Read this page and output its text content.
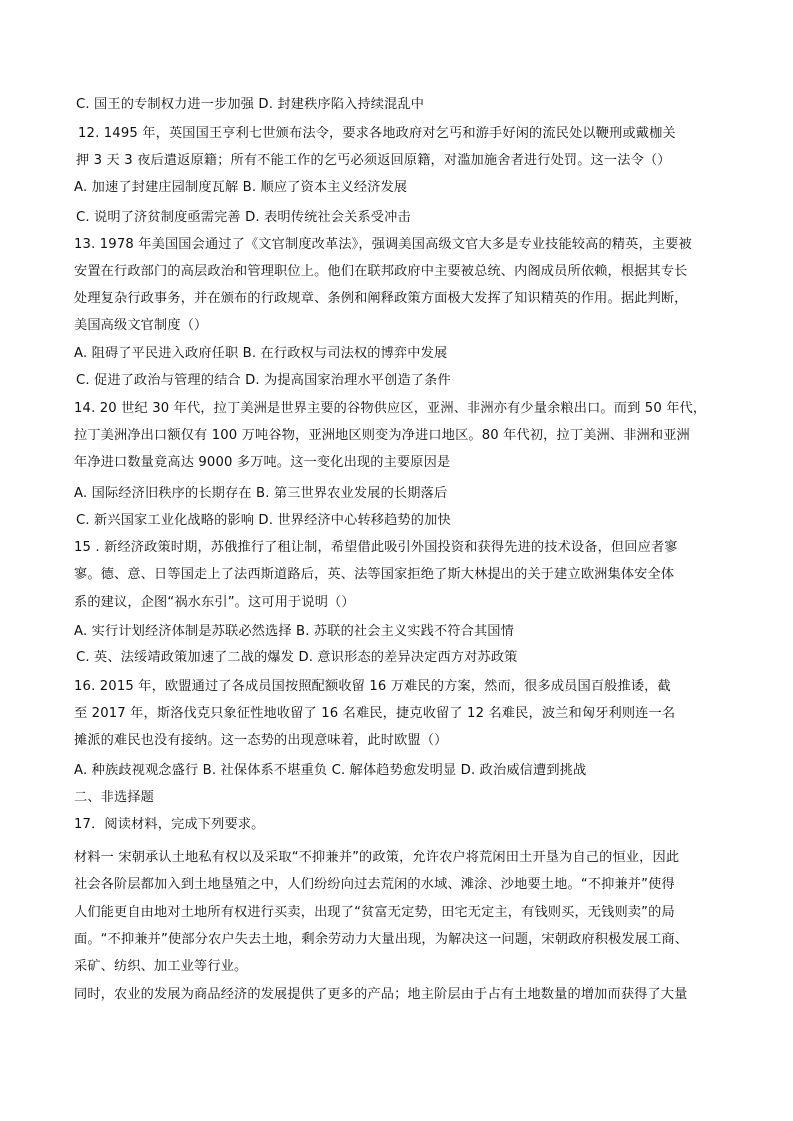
C. 国王的专制权力进一步加强 D. 封建秩序陷入持续混乱中
12. 1495 年，英国国王亨利七世颁布法令，要求各地政府对乞丐和游手好闲的流民处以鞭刑或戴枷关
押 3 天 3 夜后遣返原籍；所有不能工作的乞丐必须返回原籍，对滥加施舍者进行处罚。这一法令（）
A. 加速了封建庄园制度瓦解 B. 顺应了资本主义经济发展
C. 说明了济贫制度亟需完善 D. 表明传统社会关系受冲击
13. 1978 年美国国会通过了《文官制度改革法》，强调美国高级文官大多是专业技能较高的精英，主要被
安置在行政部门的高层政治和管理职位上。他们在联邦政府中主要被总统、内阁成员所依赖，根据其专长
处理复杂行政事务，并在颁布的行政规章、条例和阐释政策方面极大发挥了知识精英的作用。据此判断，
美国高级文官制度（）
A. 阻碍了平民进入政府任职 B. 在行政权与司法权的博弈中发展
C. 促进了政治与管理的结合 D. 为提高国家治理水平创造了条件
14. 20 世纪 30 年代，拉丁美洲是世界主要的谷物供应区，亚洲、非洲亦有少量余粮出口。而到 50 年代，
拉丁美洲净出口额仅有 100 万吨谷物，亚洲地区则变为净进口地区。80 年代初，拉丁美洲、非洲和亚洲
年净进口数量竟高达 9000 多万吨。这一变化出现的主要原因是
A. 国际经济旧秩序的长期存在 B. 第三世界农业发展的长期落后
C. 新兴国家工业化战略的影响 D. 世界经济中心转移趋势的加快
15 . 新经济政策时期，苏俄推行了租让制，希望借此吸引外国投资和获得先进的技术设备，但回应者寥
寥。德、意、日等国走上了法西斯道路后，英、法等国家拒绝了斯大林提出的关于建立欧洲集体安全体
系的建议，企图“祸水东引”。这可用于说明（）
A. 实行计划经济体制是苏联必然选择 B. 苏联的社会主义实践不符合其国情
C. 英、法绥靖政策加速了二战的爆发 D. 意识形态的差异决定西方对苏政策
16. 2015 年，欧盟通过了各成员国按照配额收留 16 万难民的方案，然而，很多成员国百般推诿，截
至 2017 年，斯洛伐克只象征性地收留了 16 名难民，捷克收留了 12 名难民，波兰和匈牙利则连一名
摊派的难民也没有接纳。这一态势的出现意味着，此时欧盟（）
A. 种族歧视观念盛行 B. 社保体系不堪重负 C. 解体趋势愈发明显 D. 政治威信遭到挑战
二、非选择题
17．阅读材料，完成下列要求。
材料一 宋朝承认土地私有权以及采取“不抑兼并”的政策，允许农户将荒闲田土开垦为自己的恒业，因此
社会各阶层都加入到土地垦殖之中，人们纷纷向过去荒闲的水域、滩涂、沙地要土地。“不抑兼并”使得
人们能更自由地对土地所有权进行买卖，出现了“贫富无定势，田宅无定主，有钱则买，无钱则卖”的局
面。“不抑兼并”使部分农户失去土地，剩余劳动力大量出现，为解决这一问题，宋朝政府积极发展工商、
采矿、纺织、加工业等行业。
同时，农业的发展为商品经济的发展提供了更多的产品；地主阶层由于占有土地数量的增加而获得了大量
